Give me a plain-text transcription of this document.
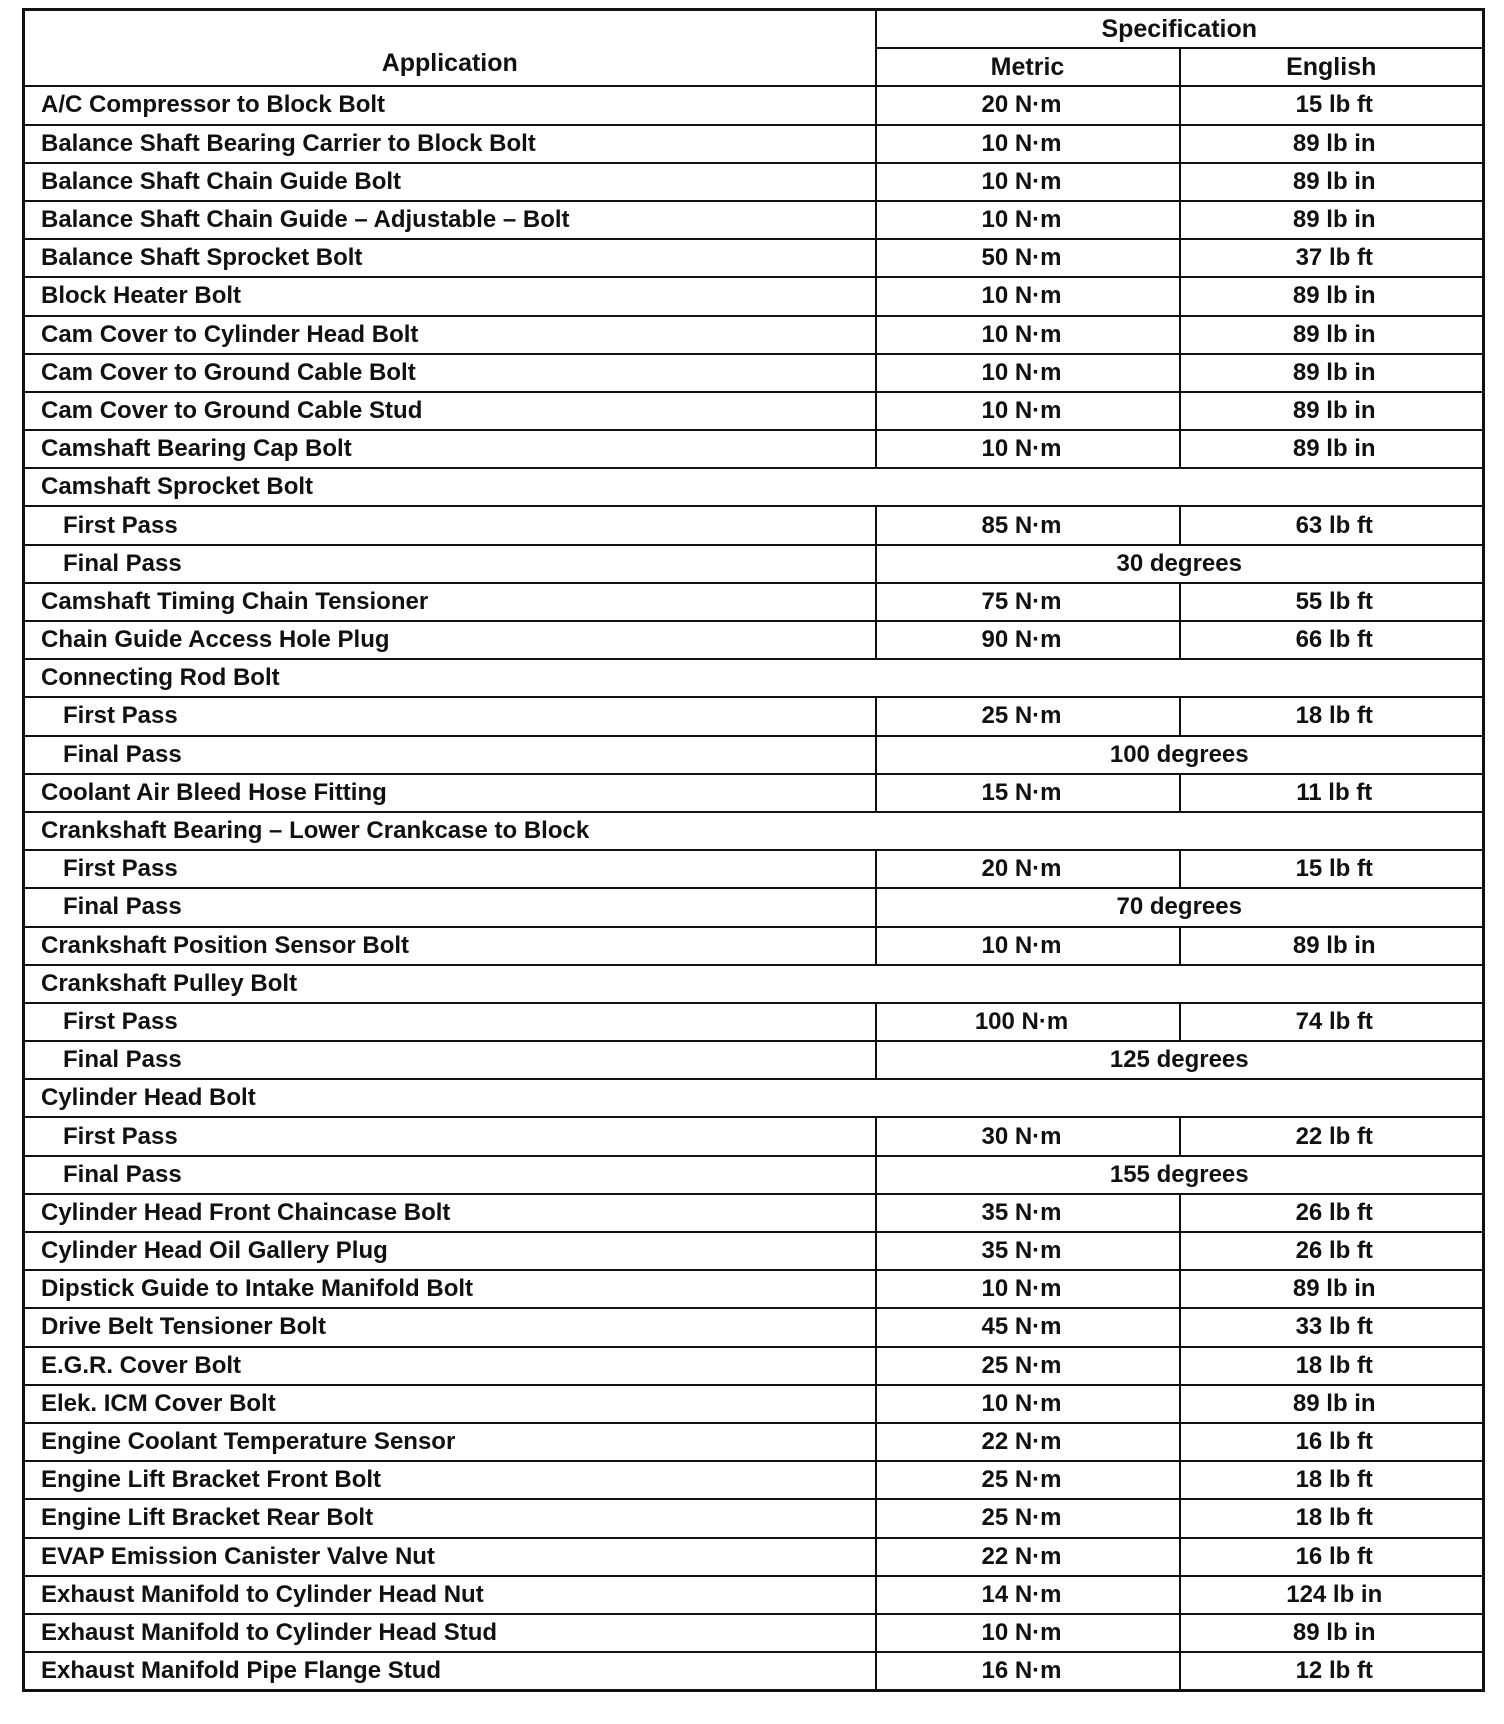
Application	Specification	
	Metric	English
A/C Compressor to Block Bolt	20 N·m	15 lb ft
Balance Shaft Bearing Carrier to Block Bolt	10 N·m	89 lb in
Balance Shaft Chain Guide Bolt	10 N·m	89 lb in
Balance Shaft Chain Guide – Adjustable – Bolt	10 N·m	89 lb in
Balance Shaft Sprocket Bolt	50 N·m	37 lb ft
Block Heater Bolt	10 N·m	89 lb in
Cam Cover to Cylinder Head Bolt	10 N·m	89 lb in
Cam Cover to Ground Cable Bolt	10 N·m	89 lb in
Cam Cover to Ground Cable Stud	10 N·m	89 lb in
Camshaft Bearing Cap Bolt	10 N·m	89 lb in
Camshaft Sprocket Bolt		
First Pass	85 N·m	63 lb ft
Final Pass	30 degrees	
Camshaft Timing Chain Tensioner	75 N·m	55 lb ft
Chain Guide Access Hole Plug	90 N·m	66 lb ft
Connecting Rod Bolt		
First Pass	25 N·m	18 lb ft
Final Pass	100 degrees	
Coolant Air Bleed Hose Fitting	15 N·m	11 lb ft
Crankshaft Bearing – Lower Crankcase to Block		
First Pass	20 N·m	15 lb ft
Final Pass	70 degrees	
Crankshaft Position Sensor Bolt	10 N·m	89 lb in
Crankshaft Pulley Bolt		
First Pass	100 N·m	74 lb ft
Final Pass	125 degrees	
Cylinder Head Bolt		
First Pass	30 N·m	22 lb ft
Final Pass	155 degrees	
Cylinder Head Front Chaincase Bolt	35 N·m	26 lb ft
Cylinder Head Oil Gallery Plug	35 N·m	26 lb ft
Dipstick Guide to Intake Manifold Bolt	10 N·m	89 lb in
Drive Belt Tensioner Bolt	45 N·m	33 lb ft
E.G.R. Cover Bolt	25 N·m	18 lb ft
Elek. ICM Cover Bolt	10 N·m	89 lb in
Engine Coolant Temperature Sensor	22 N·m	16 lb ft
Engine Lift Bracket Front Bolt	25 N·m	18 lb ft
Engine Lift Bracket Rear Bolt	25 N·m	18 lb ft
EVAP Emission Canister Valve Nut	22 N·m	16 lb ft
Exhaust Manifold to Cylinder Head Nut	14 N·m	124 lb in
Exhaust Manifold to Cylinder Head Stud	10 N·m	89 lb in
Exhaust Manifold Pipe Flange Stud	16 N·m	12 lb ft
